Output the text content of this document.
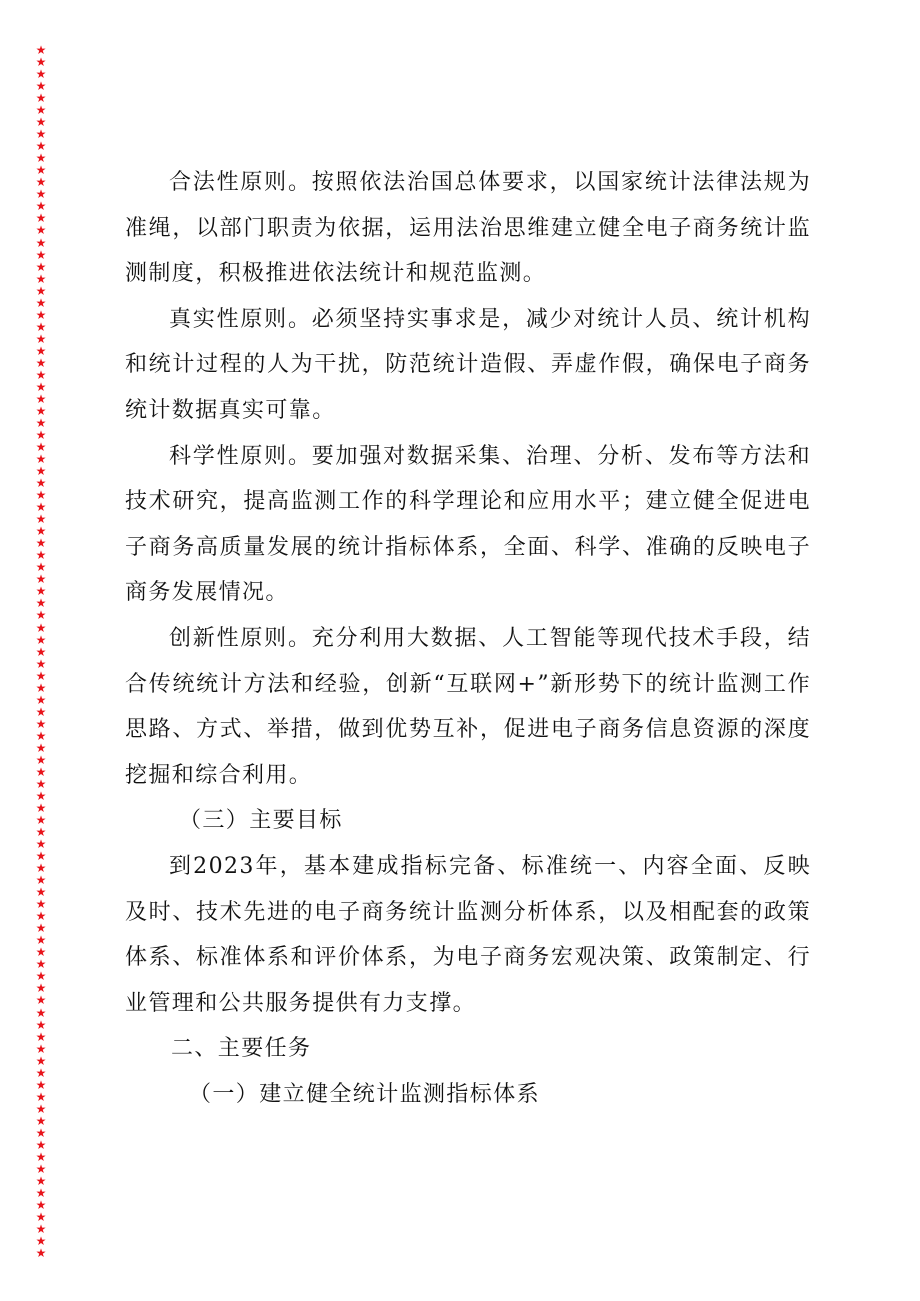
★
★
★
★
★
★
★
★
★
★
★
★
★
★
★
★
★
★
★
★
★
★
★
★
★
★
★
★
★
★
★
★
★
★
★
★
★
★
★
★
★
★
★
★
★
★
★
★
★
★
★
★
★
★
★
★
★
★
★
★
★
★
★
★
★
★
★
★
★
★
★
★
★
★
★
★
★
★
★
★
★
★
★
★
★
★
★
★
★
★
★
★
★
★
★
★
★
★
★
★
★

合法性原则。按照依法治国总体要求，以国家统计法律法规为准绳，以部门职责为依据，运用法治思维建立健全电子商务统计监测制度，积极推进依法统计和规范监测。

真实性原则。必须坚持实事求是，减少对统计人员、统计机构和统计过程的人为干扰，防范统计造假、弄虚作假，确保电子商务统计数据真实可靠。

科学性原则。要加强对数据采集、治理、分析、发布等方法和技术研究，提高监测工作的科学理论和应用水平；建立健全促进电子商务高质量发展的统计指标体系，全面、科学、准确的反映电子商务发展情况。

创新性原则。充分利用大数据、人工智能等现代技术手段，结合传统统计方法和经验，创新“互联网+”新形势下的统计监测工作思路、方式、举措，做到优势互补，促进电子商务信息资源的深度挖掘和综合利用。

（三）主要目标

到2023年，基本建成指标完备、标准统一、内容全面、反映及时、技术先进的电子商务统计监测分析体系，以及相配套的政策体系、标准体系和评价体系，为电子商务宏观决策、政策制定、行业管理和公共服务提供有力支撑。

二、主要任务

（一）建立健全统计监测指标体系
